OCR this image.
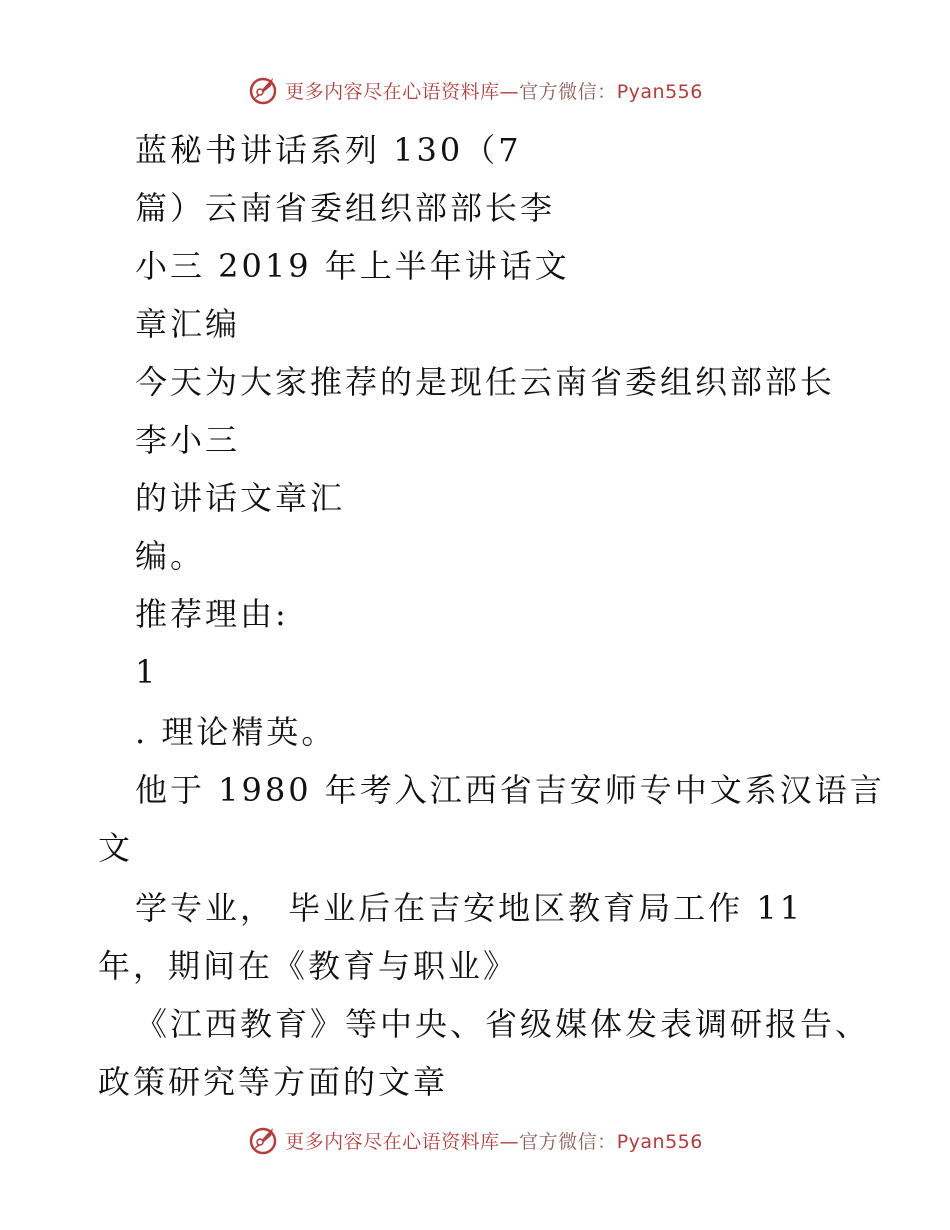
更多内容尽在心语资料库—官方微信：Pyan556
蓝秘书讲话系列 130（7
篇）云南省委组织部部长李
小三 2019 年上半年讲话文
章汇编
今天为大家推荐的是现任云南省委组织部部长
李小三
的讲话文章汇
编。
推荐理由:
1
. 理论精英。
他于 1980 年考入江西省吉安师专中文系汉语言
文
学专业， 毕业后在吉安地区教育局工作 11
年，期间在《教育与职业》
《江西教育》等中央、省级媒体发表调研报告、
政策研究等方面的文章
更多内容尽在心语资料库—官方微信：Pyan556
